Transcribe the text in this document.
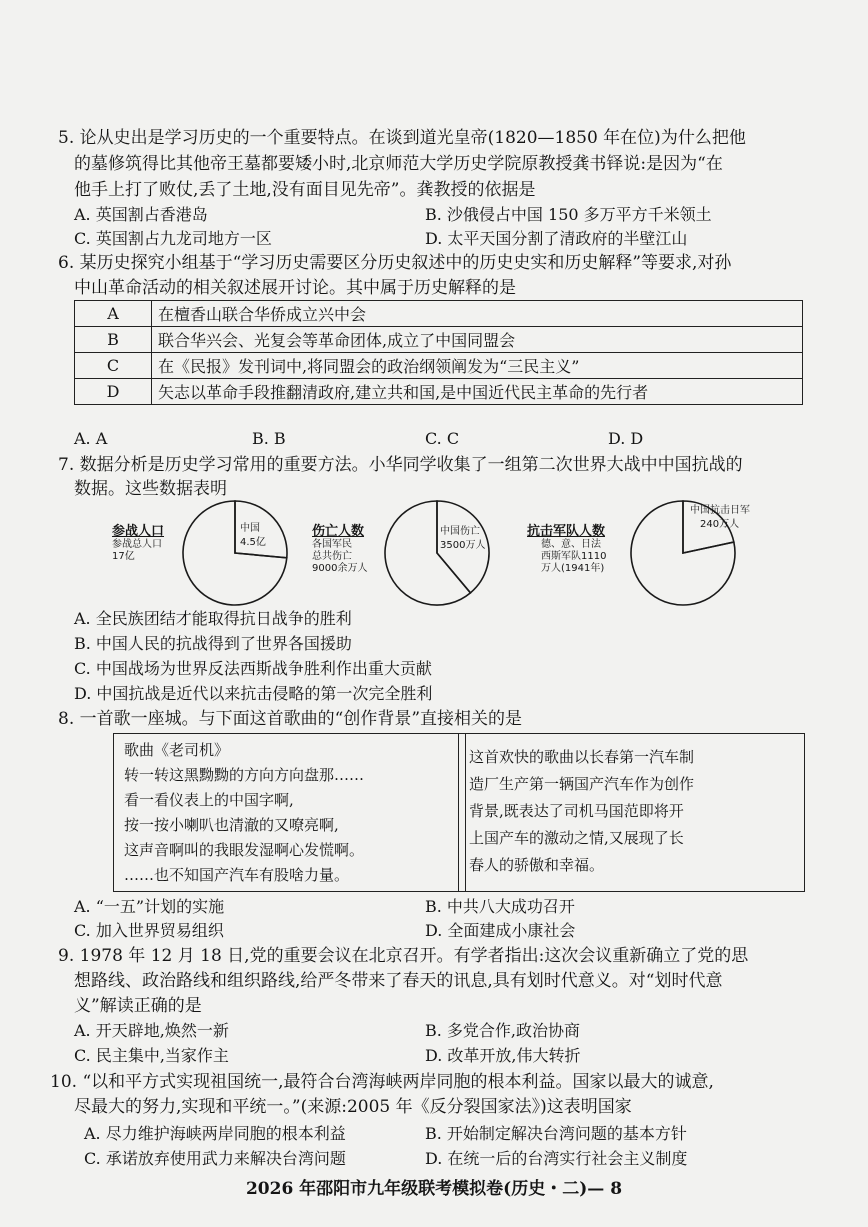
5. 论从史出是学习历史的一个重要特点。在谈到道光皇帝(1820—1850 年在位)为什么把他
的墓修筑得比其他帝王墓都要矮小时,北京师范大学历史学院原教授龚书铎说:是因为“在
他手上打了败仗,丢了土地,没有面目见先帝”。龚教授的依据是
A. 英国割占香港岛	B. 沙俄侵占中国 150 多万平方千米领土
C. 英国割占九龙司地方一区	D. 太平天国分割了清政府的半壁江山
6. 某历史探究小组基于“学习历史需要区分历史叙述中的历史史实和历史解释”等要求,对孙
中山革命活动的相关叙述展开讨论。其中属于历史解释的是
A	在檀香山联合华侨成立兴中会
B	联合华兴会、光复会等革命团体,成立了中国同盟会
C	在《民报》发刊词中,将同盟会的政治纲领阐发为“三民主义”
D	矢志以革命手段推翻清政府,建立共和国,是中国近代民主革命的先行者
A. A	B. B	C. C	D. D
7. 数据分析是历史学习常用的重要方法。小华同学收集了一组第二次世界大战中中国抗战的
数据。这些数据表明
参战人口
参战总人口
17亿
中国
4.5亿
伤亡人数
各国军民
总共伤亡
9000余万人
中国伤亡
3500万人
抗击军队人数
德、意、日法
西斯军队1110
万人(1941年)
中国抗击日军
240万人
A. 全民族团结才能取得抗日战争的胜利
B. 中国人民的抗战得到了世界各国援助
C. 中国战场为世界反法西斯战争胜利作出重大贡献
D. 中国抗战是近代以来抗击侵略的第一次完全胜利
8. 一首歌一座城。与下面这首歌曲的“创作背景”直接相关的是
歌曲《老司机》
转一转这黑黝黝的方向方向盘那……
看一看仪表上的中国字啊,
按一按小喇叭也清澈的又嘹亮啊,
这声音啊叫的我眼发湿啊心发慌啊。
……也不知国产汽车有股啥力量。
这首欢快的歌曲以长春第一汽车制
造厂生产第一辆国产汽车作为创作
背景,既表达了司机马国范即将开
上国产车的激动之情,又展现了长
春人的骄傲和幸福。
A. “一五”计划的实施	B. 中共八大成功召开
C. 加入世界贸易组织	D. 全面建成小康社会
9. 1978 年 12 月 18 日,党的重要会议在北京召开。有学者指出:这次会议重新确立了党的思
想路线、政治路线和组织路线,给严冬带来了春天的讯息,具有划时代意义。对“划时代意
义”解读正确的是
A. 开天辟地,焕然一新	B. 多党合作,政治协商
C. 民主集中,当家作主	D. 改革开放,伟大转折
10. “以和平方式实现祖国统一,最符合台湾海峡两岸同胞的根本利益。国家以最大的诚意,
尽最大的努力,实现和平统一。”(来源:2005 年《反分裂国家法》)这表明国家
A. 尽力维护海峡两岸同胞的根本利益	B. 开始制定解决台湾问题的基本方针
C. 承诺放弃使用武力来解决台湾问题	D. 在统一后的台湾实行社会主义制度
2026 年邵阳市九年级联考模拟卷(历史・二)— 8
